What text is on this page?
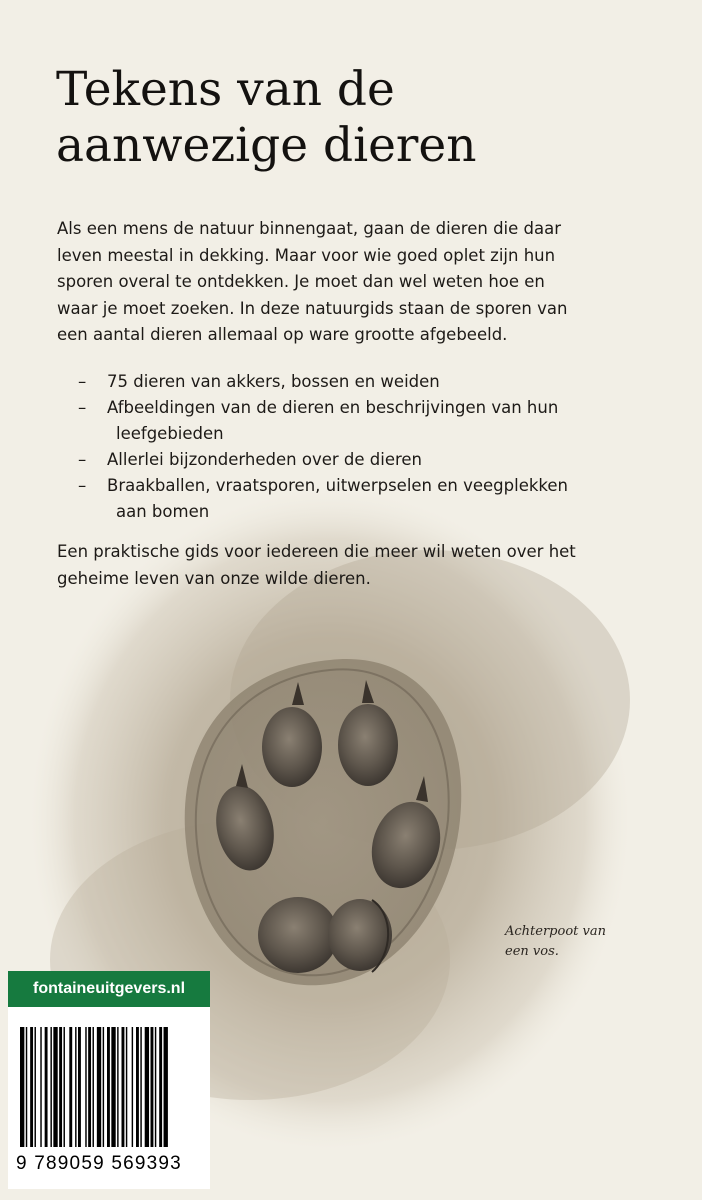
Tekens van de
aanwezige dieren

Als een mens de natuur binnengaat, gaan de dieren die daar
leven meestal in dekking. Maar voor wie goed oplet zijn hun
sporen overal te ontdekken. Je moet dan wel weten hoe en
waar je moet zoeken. In deze natuurgids staan de sporen van
een aantal dieren allemaal op ware grootte afgebeeld.

– 75 dieren van akkers, bossen en weiden
– Afbeeldingen van de dieren en beschrijvingen van hun
leefgebieden
– Allerlei bijzonderheden over de dieren
– Braakballen, vraatsporen, uitwerpselen en veegplekken
aan bomen

Een praktische gids voor iedereen die meer wil weten over het
geheime leven van onze wilde dieren.

Achterpoot van
een vos.
fontaineuitgevers.nl
9 789059 569393
